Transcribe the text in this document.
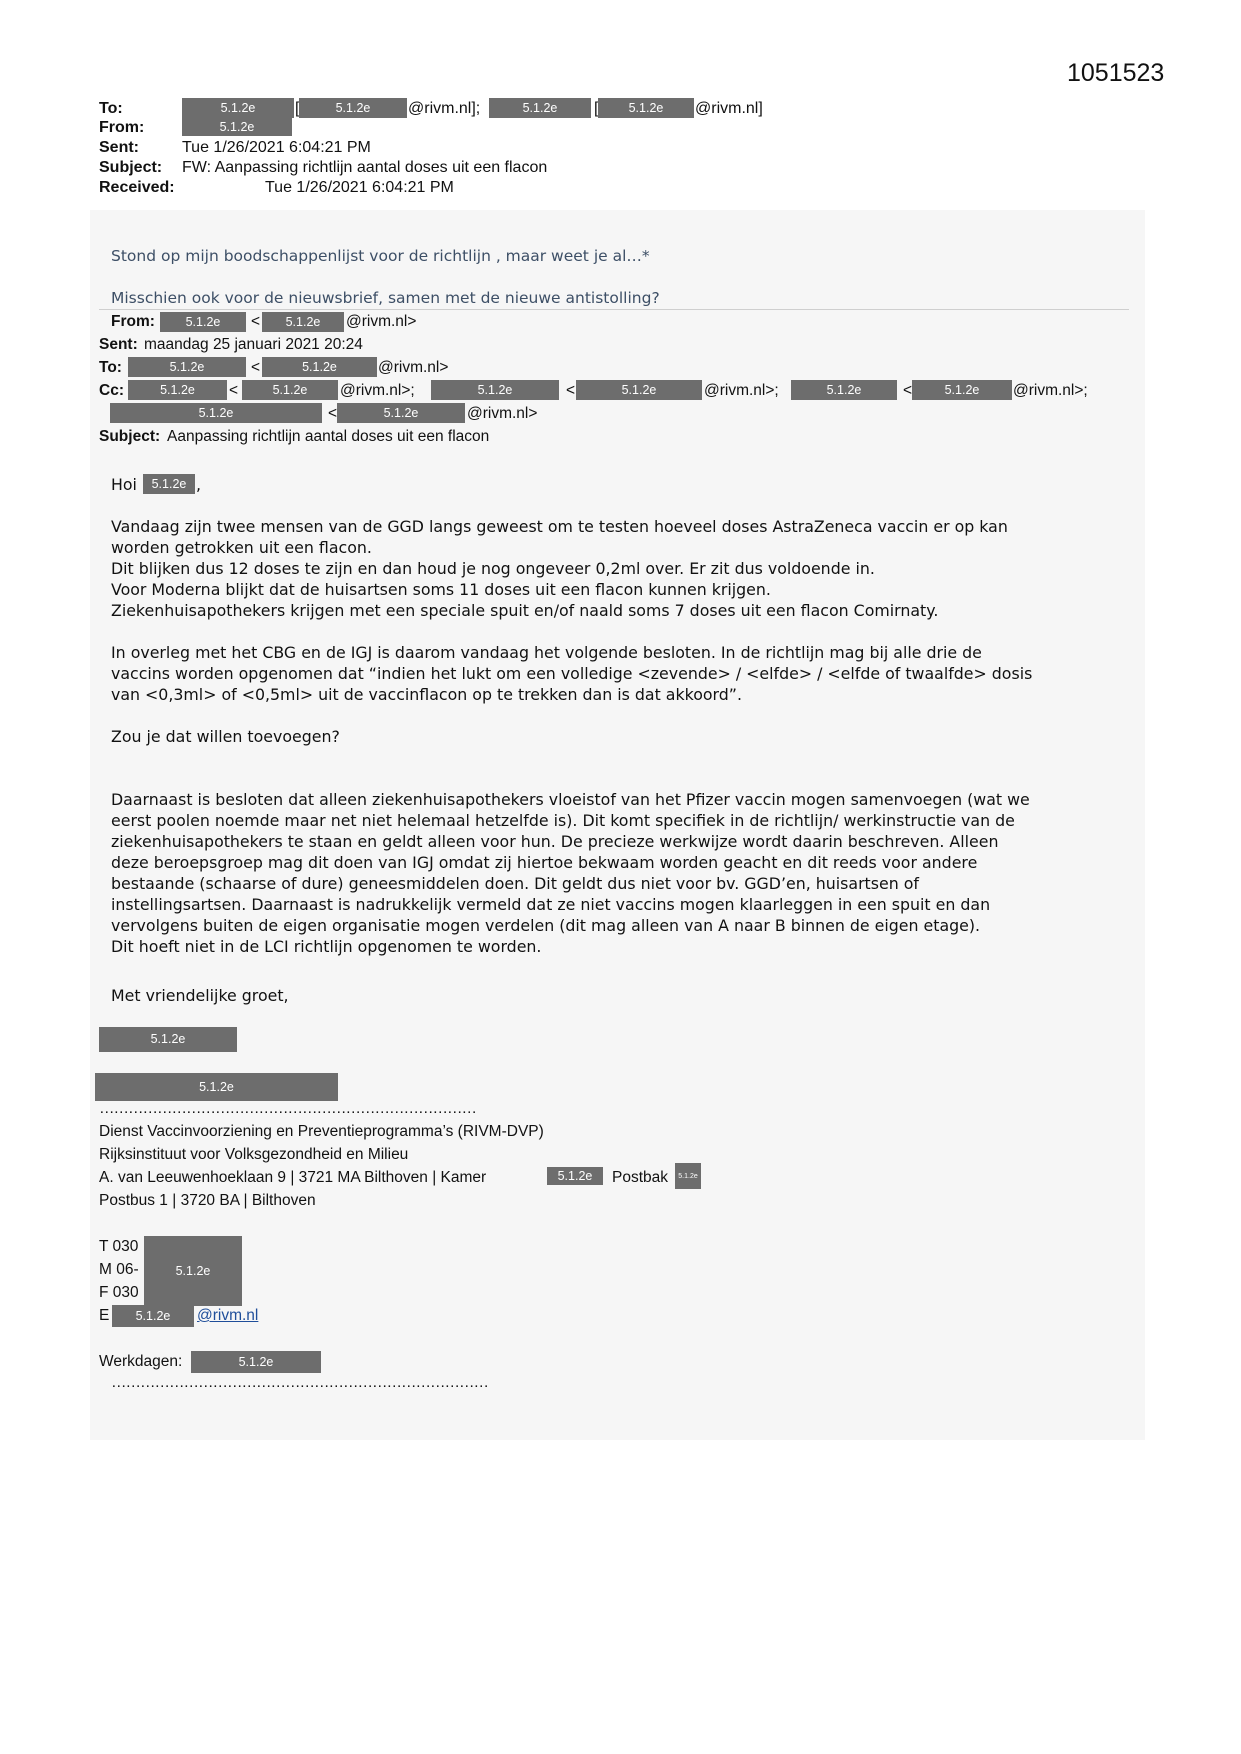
1051523
To:	5.1.2e	[	5.1.2e	@rivm.nl];	5.1.2e	[	5.1.2e	@rivm.nl]
From:	5.1.2e
Sent:	Tue 1/26/2021 6:04:21 PM
Subject: FW: Aanpassing richtlijn aantal doses uit een flacon
Received:	Tue 1/26/2021 6:04:21 PM
Stond op mijn boodschappenlijst voor de richtlijn , maar weet je al…*
Misschien ook voor de nieuwsbrief, samen met de nieuwe antistolling?
From:	5.1.2e	<	5.1.2e	@rivm.nl>
Sent: maandag 25 januari 2021 20:24
To:	5.1.2e	<	5.1.2e	@rivm.nl>
Cc:	5.1.2e	<	5.1.2e	@rivm.nl>;	5.1.2e	<	5.1.2e	@rivm.nl>;	5.1.2e	<	5.1.2e	@rivm.nl>;
5.1.2e	<	5.1.2e	@rivm.nl>
Subject: Aanpassing richtlijn aantal doses uit een flacon
Hoi	5.1.2e ,
Vandaag zijn twee mensen van de GGD langs geweest om te testen hoeveel doses AstraZeneca vaccin er op kan
worden getrokken uit een flacon.
Dit blijken dus 12 doses te zijn en dan houd je nog ongeveer 0,2ml over. Er zit dus voldoende in.
Voor Moderna blijkt dat de huisartsen soms 11 doses uit een flacon kunnen krijgen.
Ziekenhuisapothekers krijgen met een speciale spuit en/of naald soms 7 doses uit een flacon Comirnaty.
In overleg met het CBG en de IGJ is daarom vandaag het volgende besloten. In de richtlijn mag bij alle drie de
vaccins worden opgenomen dat “indien het lukt om een volledige <zevende> / <elfde> / <elfde of twaalfde> dosis
van <0,3ml> of <0,5ml> uit de vaccinflacon op te trekken dan is dat akkoord”.
Zou je dat willen toevoegen?
Daarnaast is besloten dat alleen ziekenhuisapothekers vloeistof van het Pfizer vaccin mogen samenvoegen (wat we
eerst poolen noemde maar net niet helemaal hetzelfde is). Dit komt specifiek in de richtlijn/ werkinstructie van de
ziekenhuisapothekers te staan en geldt alleen voor hun. De precieze werkwijze wordt daarin beschreven. Alleen
deze beroepsgroep mag dit doen van IGJ omdat zij hiertoe bekwaam worden geacht en dit reeds voor andere
bestaande (schaarse of dure) geneesmiddelen doen. Dit geldt dus niet voor bv. GGD’en, huisartsen of
instellingsartsen. Daarnaast is nadrukkelijk vermeld dat ze niet vaccins mogen klaarleggen in een spuit en dan
vervolgens buiten de eigen organisatie mogen verdelen (dit mag alleen van A naar B binnen de eigen etage).
Dit hoeft niet in de LCI richtlijn opgenomen te worden.
Met vriendelijke groet,
5.1.2e
5.1.2e
……………………………………………………………………
Dienst Vaccinvoorziening en Preventieprogramma’s (RIVM-DVP)
Rijksinstituut voor Volksgezondheid en Milieu
A. van Leeuwenhoeklaan 9 | 3721 MA Bilthoven | Kamer	5.1.2e	Postbak	5.1.2e
Postbus 1 | 3720 BA | Bilthoven
T 030
M 06-
F 030
5.1.2e
E	5.1.2e	@rivm.nl
Werkdagen:	5.1.2e
……………………………………………………………………
